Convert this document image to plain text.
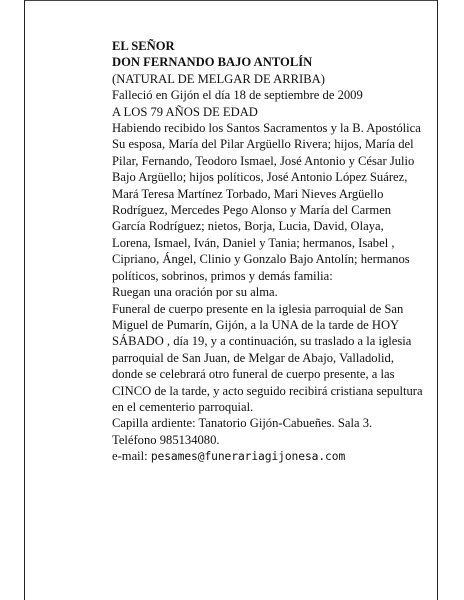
EL SEÑOR

DON FERNANDO BAJO ANTOLÍN

(NATURAL DE MELGAR DE ARRIBA)

Falleció en Gijón el día 18 de septiembre de 2009

A LOS 79 AÑOS DE EDAD

Habiendo recibido los Santos Sacramentos y la B. Apostólica

Su esposa, María del Pilar Argüello Rivera; hijos, María del Pilar, Fernando, Teodoro Ismael, José Antonio y César Julio Bajo Argüello; hijos políticos, José Antonio López Suárez, Mará Teresa Martínez Torbado, Mari Nieves Argüello Rodríguez, Mercedes Pego Alonso y María del Carmen García Rodríguez; nietos, Borja, Lucia, David, Olaya, Lorena, Ismael, Iván, Daniel y Tania; hermanos, Isabel , Cipriano, Ángel, Clinio y Gonzalo Bajo Antolín; hermanos políticos, sobrinos, primos y demás familia:

Ruegan una oración por su alma.

Funeral de cuerpo presente en la iglesia parroquial de San Miguel de Pumarín, Gijón, a la UNA de la tarde de HOY SÁBADO , día 19, y a continuación, su traslado a la iglesia parroquial de San Juan, de Melgar de Abajo, Valladolid, donde se celebrará otro funeral de cuerpo presente, a las CINCO de la tarde, y acto seguido recibirá cristiana sepultura en el cementerio parroquial.

Capilla ardiente: Tanatorio Gijón-Cabueñes. Sala 3.

Teléfono 985134080.

e-mail: pesames@funerariagijonesa.com
